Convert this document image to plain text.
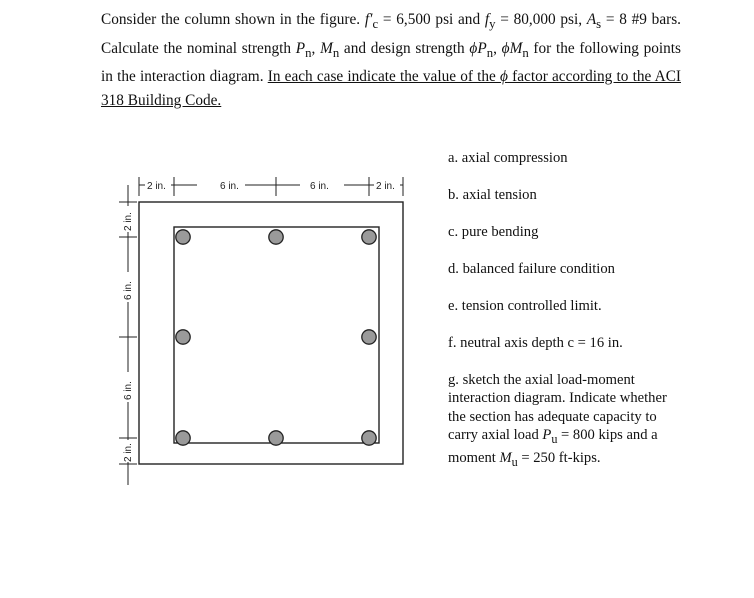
Consider the column shown in the figure. $f'_c = 6,500$ psi and $f_y = 80,000$ psi, $A_s = 8$ #9 bars. Calculate the nominal strength $P_n$, $M_n$ and design strength $\phi P_n$, $\phi M_n$ for the following points in the interaction diagram. In each case indicate the value of the ϕ factor according to the ACI 318 Building Code.

2 in.	6 in.	6 in.	2 in.
2 in.
6 in.
6 in.
2 in.
a. axial compression
b. axial tension
c. pure bending
d. balanced failure condition
e. tension controlled limit.
f. neutral axis depth c = 16 in.
g. sketch the axial load-moment interaction diagram. Indicate whether the section has adequate capacity to carry axial load $P_u = 800$ kips and a moment $M_u = 250$ ft-kips.
